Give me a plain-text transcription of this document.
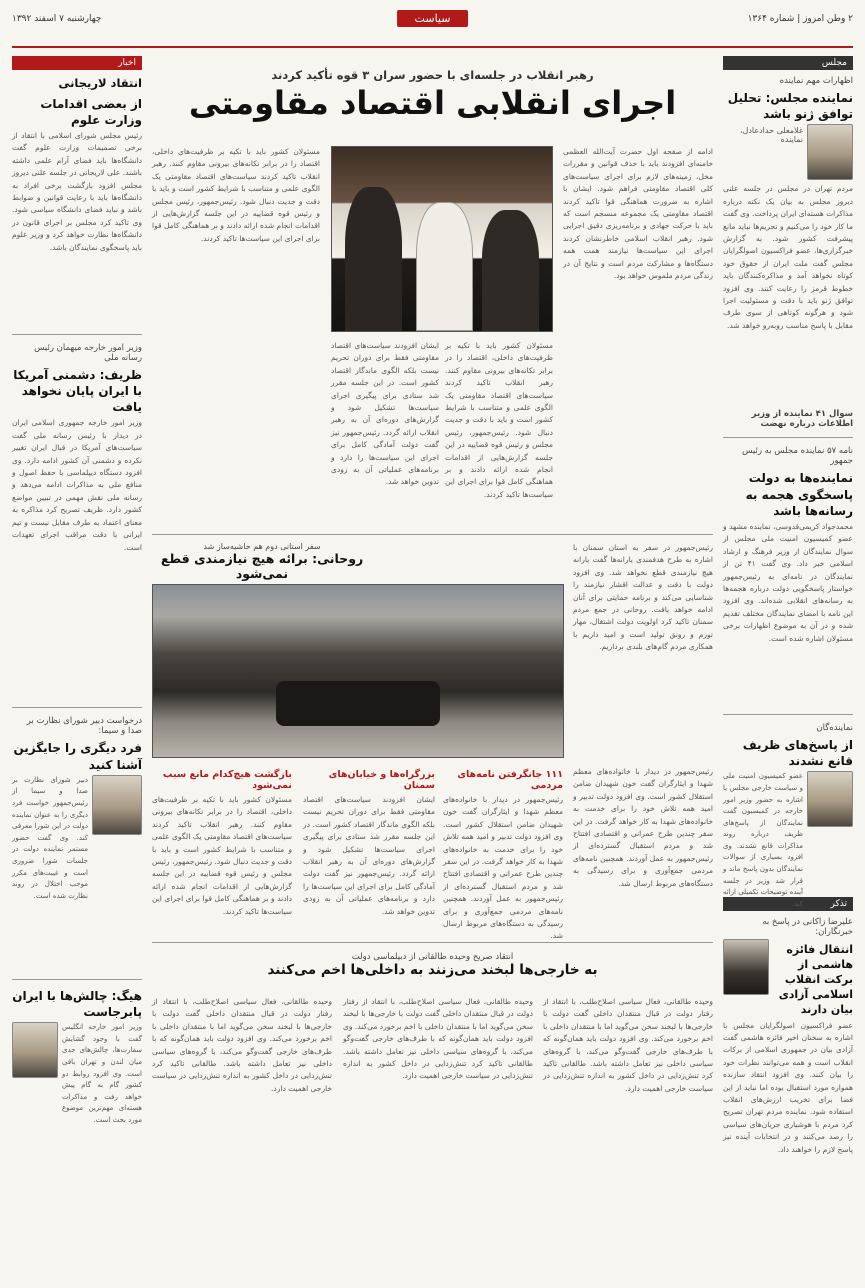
۲ وطن امروز | شماره ۱۳۶۴
سیاست
چهارشنبه ۷ اسفند ۱۳۹۲
مجلس
اظهارات مهم نماینده
نماینده مجلس: تحلیل توافق ژنو باشد
غلامعلی حدادعادل، نماینده
مردم تهران در مجلس در جلسه علنی دیروز مجلس به بیان یک نکته درباره مذاکرات هسته‌ای ایران پرداخت. وی گفت ما کار خود را می‌کنیم و تحریم‌ها نباید مانع پیشرفت کشور شود. به گزارش خبرگزاری‌ها، عضو فراکسیون اصولگرایان مجلس گفت ملت ایران از حقوق خود کوتاه نخواهد آمد و مذاکره‌کنندگان باید خطوط قرمز را رعایت کنند. وی افزود توافق ژنو باید با دقت و مسئولیت اجرا شود و هرگونه کوتاهی از سوی طرف مقابل با پاسخ مناسب روبه‌رو خواهد شد.
سوال ۴۱ نماینده از وزیر اطلاعات درباره نهضت
نامه ۵۷ نماینده مجلس به رئیس جمهور
نماینده‌ها به دولت پاسخگوی هجمه به رسانه‌ها باشد
محمدجواد کریمی‌قدوسی، نماینده مشهد و عضو کمیسیون امنیت ملی مجلس از سوال نمایندگان از وزیر فرهنگ و ارشاد اسلامی خبر داد. وی گفت ۴۱ تن از نمایندگان در نامه‌ای به رئیس‌جمهور خواستار پاسخگویی دولت درباره هجمه‌ها به رسانه‌های انقلابی شده‌اند. وی افزود این نامه با امضای نمایندگان مختلف تقدیم شده و در آن به موضوع اظهارات برخی مسئولان اشاره شده است.
نماینده‌گان
از پاسخ‌های ظریف قانع نشدند
عضو کمیسیون امنیت ملی و سیاست خارجی مجلس با اشاره به حضور وزیر امور خارجه در کمیسیون گفت نمایندگان از پاسخ‌های ظریف درباره روند مذاکرات قانع نشدند. وی افزود بسیاری از سوالات نمایندگان بدون پاسخ ماند و قرار شد وزیر در جلسه آینده توضیحات تکمیلی ارائه کند.	تذکر
علیرضا زاکانی در پاسخ به خبرنگاران:
انتقال فائزه هاشمی از برکت انقلاب اسلامی آزادی بیان دارند
عضو فراکسیون اصولگرایان مجلس با اشاره به سخنان اخیر فائزه هاشمی گفت آزادی بیان در جمهوری اسلامی از برکات انقلاب است و همه می‌توانند نظرات خود را بیان کنند. وی افزود انتقاد سازنده همواره مورد استقبال بوده اما نباید از این فضا برای تخریب ارزش‌های انقلاب استفاده شود. نماینده مردم تهران تصریح کرد مردم با هوشیاری جریان‌های سیاسی را رصد می‌کنند و در انتخابات آینده نیز پاسخ لازم را خواهند داد.
اخبار
انتقاد لاریجانی
از بعضی اقدامات وزارت علوم
رئیس مجلس شورای اسلامی با انتقاد از برخی تصمیمات وزارت علوم گفت دانشگاه‌ها باید فضای آرام علمی داشته باشند. علی لاریجانی در جلسه علنی دیروز مجلس افزود بازگشت برخی افراد به دانشگاه‌ها باید با رعایت قوانین و ضوابط باشد و نباید فضای دانشگاه سیاسی شود. وی تاکید کرد مجلس بر اجرای قانون در دانشگاه‌ها نظارت خواهد کرد و وزیر علوم باید پاسخگوی نمایندگان باشد.
وزیر امور خارجه میهمان رئیس رسانه ملی
ظریف: دشمنی آمریکا با ایران پایان نخواهد یافت
وزیر امور خارجه جمهوری اسلامی ایران در دیدار با رئیس رسانه ملی گفت سیاست‌های آمریکا در قبال ایران تغییر نکرده و دشمنی آن کشور ادامه دارد. وی افزود دستگاه دیپلماسی با حفظ اصول و منافع ملی به مذاکرات ادامه می‌دهد و رسانه ملی نقش مهمی در تبیین مواضع کشور دارد. ظریف تصریح کرد مذاکره به معنای اعتماد به طرف مقابل نیست و تیم ایرانی با دقت مراقب اجرای تعهدات است.
درخواست دبیر شورای نظارت بر صدا و سیما:
فرد دیگری را جایگزین آشنا کنید
دبیر شورای نظارت بر صدا و سیما از رئیس‌جمهور خواست فرد دیگری را به عنوان نماینده دولت در این شورا معرفی کند. وی گفت حضور مستمر نماینده دولت در جلسات شورا ضروری است و غیبت‌های مکرر موجب اختلال در روند نظارت شده است.
هیگ: چالش‌ها با ایران پابرجاست
وزیر امور خارجه انگلیس گفت با وجود گشایش سفارت‌ها، چالش‌های جدی میان لندن و تهران باقی است. وی افزود روابط دو کشور گام به گام پیش خواهد رفت و مذاکرات هسته‌ای مهم‌ترین موضوع مورد بحث است.
رهبر انقلاب در جلسه‌ای با حضور سران ۳ قوه تأکید کردند
اجرای انقلابی اقتصاد مقاومتی
ادامه از صفحه اول حضرت آیت‌الله العظمی خامنه‌ای افزودند باید با حذف قوانین و مقررات مخل، زمینه‌های لازم برای اجرای سیاست‌های کلی اقتصاد مقاومتی فراهم شود. ایشان با اشاره به ضرورت هماهنگی قوا تاکید کردند اقتصاد مقاومتی یک مجموعه منسجم است که باید با حرکت جهادی و برنامه‌ریزی دقیق اجرایی شود. رهبر انقلاب اسلامی خاطرنشان کردند اجرای این سیاست‌ها نیازمند همت همه دستگاه‌ها و مشارکت مردم است و نتایج آن در زندگی مردم ملموس خواهد بود.
مسئولان کشور باید با تکیه بر ظرفیت‌های داخلی، اقتصاد را در برابر تکانه‌های بیرونی مقاوم کنند. رهبر انقلاب تاکید کردند سیاست‌های اقتصاد مقاومتی یک الگوی علمی و متناسب با شرایط کشور است و باید با دقت و جدیت دنبال شود. رئیس‌جمهور، رئیس مجلس و رئیس قوه قضاییه در این جلسه گزارش‌هایی از اقدامات انجام شده ارائه دادند و بر هماهنگی کامل قوا برای اجرای این سیاست‌ها تاکید کردند.
ایشان افزودند سیاست‌های اقتصاد مقاومتی فقط برای دوران تحریم نیست بلکه الگوی ماندگار اقتصاد کشور است. در این جلسه مقرر شد ستادی برای پیگیری اجرای سیاست‌ها تشکیل شود و گزارش‌های دوره‌ای آن به رهبر انقلاب ارائه گردد. رئیس‌جمهور نیز گفت دولت آمادگی کامل برای اجرای این سیاست‌ها را دارد و برنامه‌های عملیاتی آن به زودی تدوین خواهد شد.
مسئولان کشور باید با تکیه بر ظرفیت‌های داخلی، اقتصاد را در برابر تکانه‌های بیرونی مقاوم کنند. رهبر انقلاب تاکید کردند سیاست‌های اقتصاد مقاومتی یک الگوی علمی و متناسب با شرایط کشور است و باید با دقت و جدیت دنبال شود. رئیس‌جمهور، رئیس مجلس و رئیس قوه قضاییه در این جلسه گزارش‌هایی از اقدامات انجام شده ارائه دادند و بر هماهنگی کامل قوا برای اجرای این سیاست‌ها تاکید کردند.
سفر استانی دوم هم حاشیه‌ساز شد
روحانی: برائه هیچ نیازمندی قطع نمی‌شود
رئیس‌جمهور در سفر به استان سمنان با اشاره به طرح هدفمندی یارانه‌ها گفت یارانه هیچ نیازمندی قطع نخواهد شد. وی افزود دولت با دقت و عدالت اقشار نیازمند را شناسایی می‌کند و برنامه حمایتی برای آنان ادامه خواهد یافت. روحانی در جمع مردم سمنان تاکید کرد اولویت دولت اشتغال، مهار تورم و رونق تولید است و امید داریم با همکاری مردم گام‌های بلندی برداریم.
رئیس‌جمهور در دیدار با خانواده‌های معظم شهدا و ایثارگران گفت خون شهیدان ضامن استقلال کشور است. وی افزود دولت تدبیر و امید همه تلاش خود را برای خدمت به خانواده‌های شهدا به کار خواهد گرفت. در این سفر چندین طرح عمرانی و اقتصادی افتتاح شد و مردم استقبال گسترده‌ای از رئیس‌جمهور به عمل آوردند. همچنین نامه‌های مردمی جمع‌آوری و برای رسیدگی به دستگاه‌های مربوط ارسال شد.
۱۱۱ جانگرفتن نامه‌های مردمی
رئیس‌جمهور در دیدار با خانواده‌های معظم شهدا و ایثارگران گفت خون شهیدان ضامن استقلال کشور است. وی افزود دولت تدبیر و امید همه تلاش خود را برای خدمت به خانواده‌های شهدا به کار خواهد گرفت. در این سفر چندین طرح عمرانی و اقتصادی افتتاح شد و مردم استقبال گسترده‌ای از رئیس‌جمهور به عمل آوردند. همچنین نامه‌های مردمی جمع‌آوری و برای رسیدگی به دستگاه‌های مربوط ارسال شد.
بزرگراه‌ها و خیابان‌های سمنان
ایشان افزودند سیاست‌های اقتصاد مقاومتی فقط برای دوران تحریم نیست بلکه الگوی ماندگار اقتصاد کشور است. در این جلسه مقرر شد ستادی برای پیگیری اجرای سیاست‌ها تشکیل شود و گزارش‌های دوره‌ای آن به رهبر انقلاب ارائه گردد. رئیس‌جمهور نیز گفت دولت آمادگی کامل برای اجرای این سیاست‌ها را دارد و برنامه‌های عملیاتی آن به زودی تدوین خواهد شد.
بازگشت هیچ‌کدام مانع سبب نمی‌شود
مسئولان کشور باید با تکیه بر ظرفیت‌های داخلی، اقتصاد را در برابر تکانه‌های بیرونی مقاوم کنند. رهبر انقلاب تاکید کردند سیاست‌های اقتصاد مقاومتی یک الگوی علمی و متناسب با شرایط کشور است و باید با دقت و جدیت دنبال شود. رئیس‌جمهور، رئیس مجلس و رئیس قوه قضاییه در این جلسه گزارش‌هایی از اقدامات انجام شده ارائه دادند و بر هماهنگی کامل قوا برای اجرای این سیاست‌ها تاکید کردند.
انتقاد صریح وحیده طالقانی از دبیلماسی دولت
به خارجی‌ها لبخند می‌زنند به داخلی‌ها اخم می‌کنند
وحیده طالقانی، فعال سیاسی اصلاح‌طلب، با انتقاد از رفتار دولت در قبال منتقدان داخلی گفت دولت با خارجی‌ها با لبخند سخن می‌گوید اما با منتقدان داخلی با اخم برخورد می‌کند. وی افزود دولت باید همان‌گونه که با طرف‌های خارجی گفت‌وگو می‌کند، با گروه‌های سیاسی داخلی نیز تعامل داشته باشد. طالقانی تاکید کرد تنش‌زدایی در داخل کشور به اندازه تنش‌زدایی در سیاست خارجی اهمیت دارد.
وحیده طالقانی، فعال سیاسی اصلاح‌طلب، با انتقاد از رفتار دولت در قبال منتقدان داخلی گفت دولت با خارجی‌ها با لبخند سخن می‌گوید اما با منتقدان داخلی با اخم برخورد می‌کند. وی افزود دولت باید همان‌گونه که با طرف‌های خارجی گفت‌وگو می‌کند، با گروه‌های سیاسی داخلی نیز تعامل داشته باشد. طالقانی تاکید کرد تنش‌زدایی در داخل کشور به اندازه تنش‌زدایی در سیاست خارجی اهمیت دارد.
وحیده طالقانی، فعال سیاسی اصلاح‌طلب، با انتقاد از رفتار دولت در قبال منتقدان داخلی گفت دولت با خارجی‌ها با لبخند سخن می‌گوید اما با منتقدان داخلی با اخم برخورد می‌کند. وی افزود دولت باید همان‌گونه که با طرف‌های خارجی گفت‌وگو می‌کند، با گروه‌های سیاسی داخلی نیز تعامل داشته باشد. طالقانی تاکید کرد تنش‌زدایی در داخل کشور به اندازه تنش‌زدایی در سیاست خارجی اهمیت دارد.
